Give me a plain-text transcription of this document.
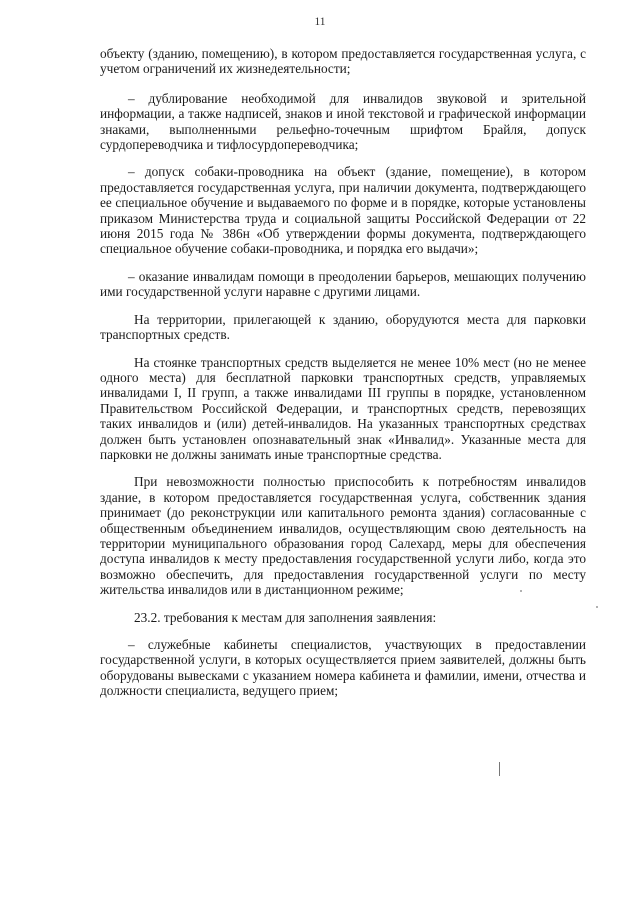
11

объекту (зданию, помещению), в котором предоставляется государственная услуга, с учетом ограничений их жизнедеятельности;

– дублирование необходимой для инвалидов звуковой и зрительной информации, а также надписей, знаков и иной текстовой и графической информации знаками, выполненными рельефно-точечным шрифтом Брайля, допуск сурдопереводчика и тифлосурдопереводчика;

– допуск собаки-проводника на объект (здание, помещение), в котором предоставляется государственная услуга, при наличии документа, подтверждающего ее специальное обучение и выдаваемого по форме и в порядке, которые установлены приказом Министерства труда и социальной защиты Российской Федерации от 22 июня 2015 года № 386н «Об утверждении формы документа, подтверждающего специальное обучение собаки-проводника, и порядка его выдачи»;

– оказание инвалидам помощи в преодолении барьеров, мешающих получению ими государственной услуги наравне с другими лицами.

На территории, прилегающей к зданию, оборудуются места для парковки транспортных средств.

На стоянке транспортных средств выделяется не менее 10% мест (но не менее одного места) для бесплатной парковки транспортных средств, управляемых инвалидами I, II групп, а также инвалидами III группы в порядке, установленном Правительством Российской Федерации, и транспортных средств, перевозящих таких инвалидов и (или) детей-инвалидов. На указанных транспортных средствах должен быть установлен опознавательный знак «Инвалид». Указанные места для парковки не должны занимать иные транспортные средства.

При невозможности полностью приспособить к потребностям инвалидов здание, в котором предоставляется государственная услуга, собственник здания принимает (до реконструкции или капитального ремонта здания) согласованные с общественным объединением инвалидов, осуществляющим свою деятельность на территории муниципального образования город Салехард, меры для обеспечения доступа инвалидов к месту предоставления государственной услуги либо, когда это возможно обеспечить, для предоставления государственной услуги по месту жительства инвалидов или в дистанционном режиме;

23.2. требования к местам для заполнения заявления:

– служебные кабинеты специалистов, участвующих в предоставлении государственной услуги, в которых осуществляется прием заявителей, должны быть оборудованы вывесками с указанием номера кабинета и фамилии, имени, отчества и должности специалиста, ведущего прием;
